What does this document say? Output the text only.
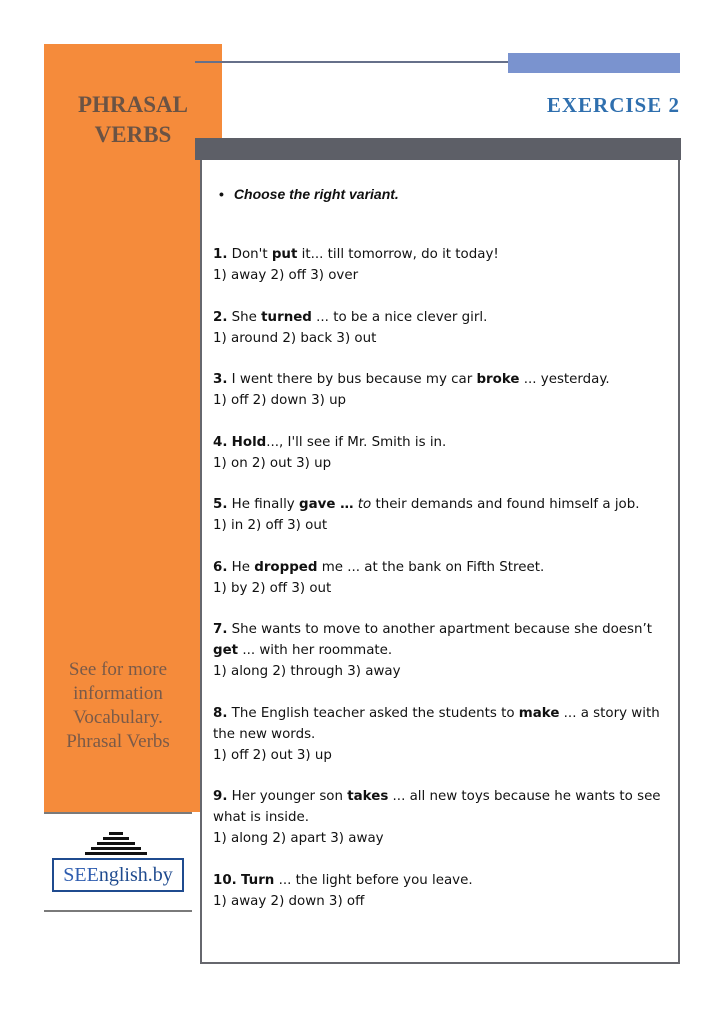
PHRASAL
VERBS
See for more
information
Vocabulary.
Phrasal Verbs
SEEnglish.by
EXERCISE 2
• Choose the right variant.
1. Don't put it... till tomorrow, do it today!
1) away 2) off 3) over
2. She turned ... to be a nice clever girl.
1) around 2) back 3) out
3. I went there by bus because my car broke ... yesterday.
1) off 2) down 3) up
4. Hold..., I'll see if Mr. Smith is in.
1) on 2) out 3) up
5. He finally gave … to their demands and found himself a job.
1) in 2) off 3) out
6. He dropped me ... at the bank on Fifth Street.
1) by 2) off 3) out
7. She wants to move to another apartment because she doesn’t get ... with her roommate.
1) along 2) through 3) away
8. The English teacher asked the students to make ... a story with the new words.
1) off 2) out 3) up
9. Her younger son takes ... all new toys because he wants to see what is inside.
1) along 2) apart 3) away
10. Turn ... the light before you leave.
1) away 2) down 3) off
